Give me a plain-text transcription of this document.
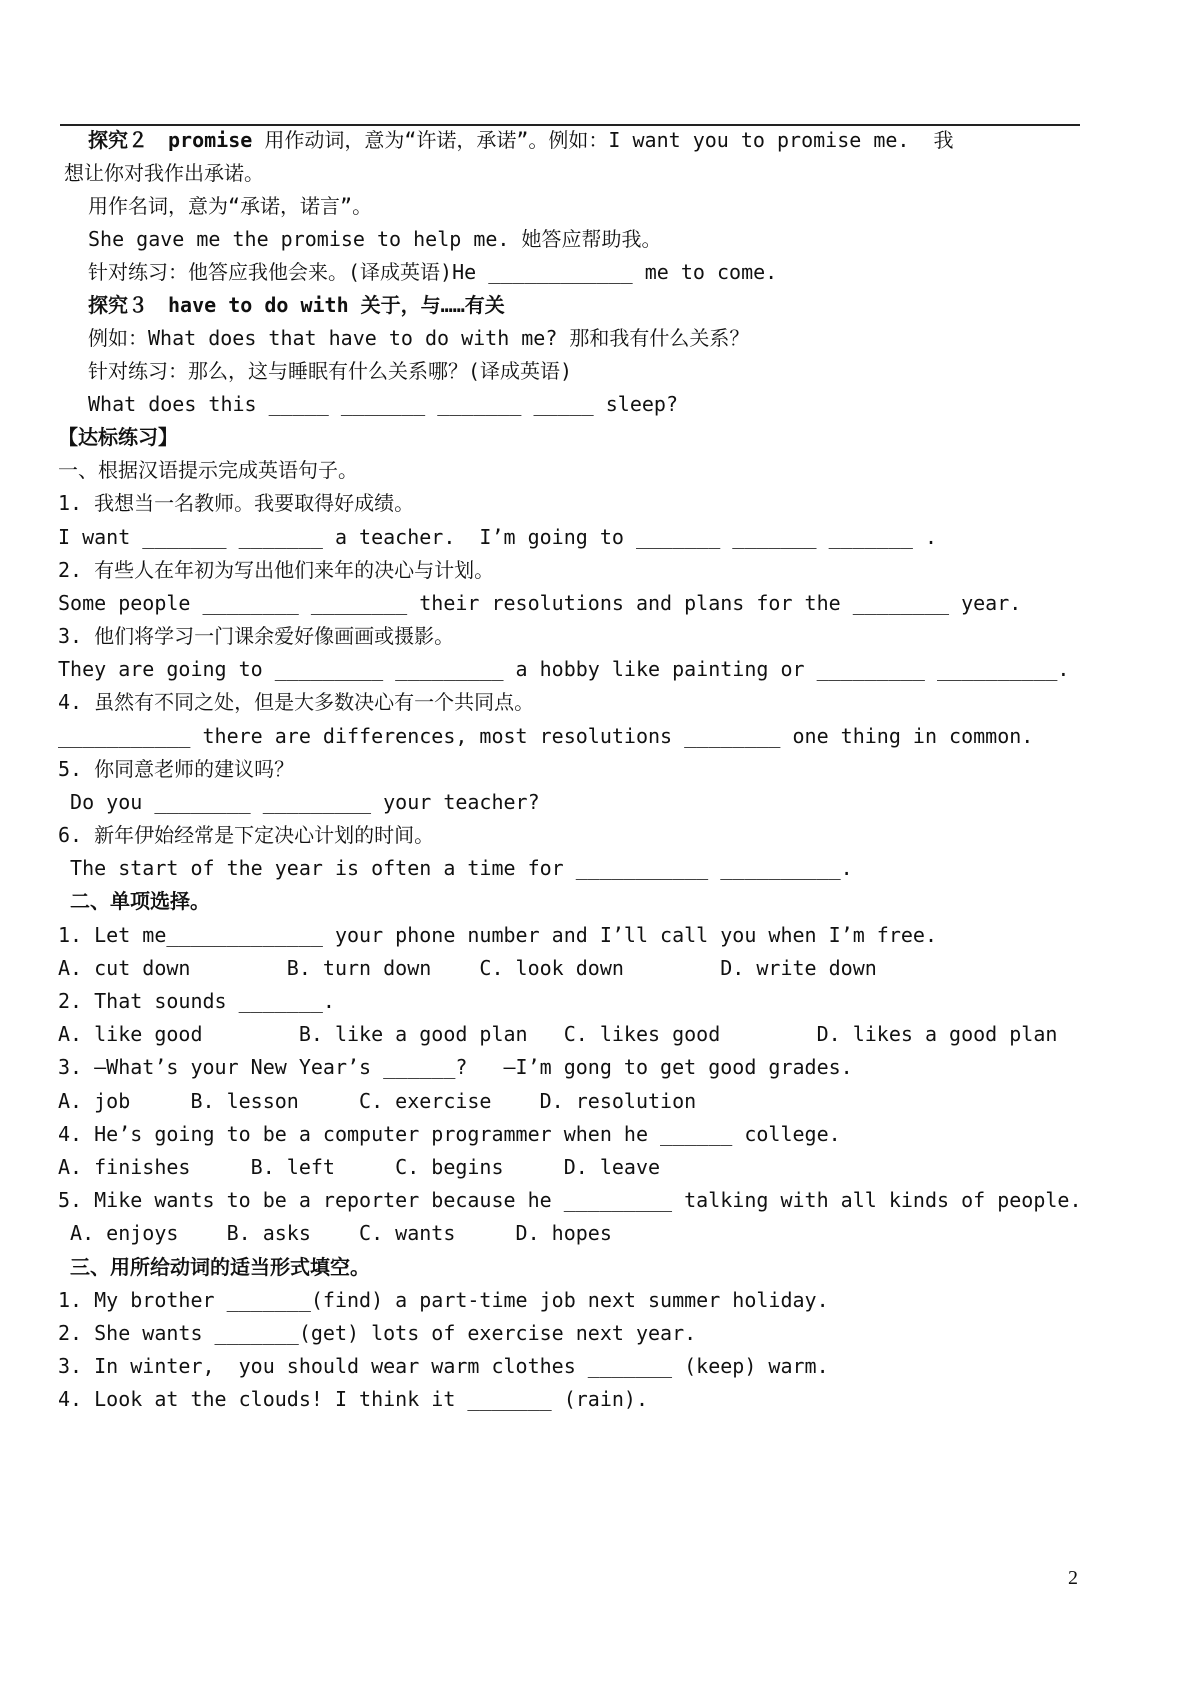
探究２　promise 用作动词，意为“许诺，承诺”。例如：I want you to promise me.  我
想让你对我作出承诺。
用作名词，意为“承诺，诺言”。
She gave me the promise to help me. 她答应帮助我。
针对练习：他答应我他会来。(译成英语)He ____________ me to come.
探究３　have to do with 关于，与……有关
例如：What does that have to do with me? 那和我有什么关系？
针对练习：那么，这与睡眠有什么关系哪？(译成英语)
What does this _____ _______ _______ _____ sleep?
【达标练习】
一、根据汉语提示完成英语句子。
1. 我想当一名教师。我要取得好成绩。
I want _______ _______ a teacher.  I’m going to _______ _______ _______ .
2. 有些人在年初为写出他们来年的决心与计划。
Some people ________ ________ their resolutions and plans for the ________ year.
3. 他们将学习一门课余爱好像画画或摄影。
They are going to _________ _________ a hobby like painting or _________ __________.
4. 虽然有不同之处，但是大多数决心有一个共同点。
___________ there are differences, most resolutions ________ one thing in common.
5. 你同意老师的建议吗？
Do you ________ _________ your teacher?
6. 新年伊始经常是下定决心计划的时间。
The start of the year is often a time for ___________ __________.
二、单项选择。
1. Let me_____________ your phone number and I’ll call you when I’m free.
A. cut down        B. turn down    C. look down        D. write down
2. That sounds _______.
A. like good        B. like a good plan   C. likes good        D. likes a good plan
3. —What’s your New Year’s ______?   —I’m gong to get good grades.
A. job     B. lesson     C. exercise    D. resolution
4. He’s going to be a computer programmer when he ______ college.
A. finishes     B. left     C. begins     D. leave
5. Mike wants to be a reporter because he _________ talking with all kinds of people.
A. enjoys    B. asks    C. wants     D. hopes
三、用所给动词的适当形式填空。
1. My brother _______(find) a part-time job next summer holiday.
2. She wants _______(get) lots of exercise next year.
3. In winter,  you should wear warm clothes _______ (keep) warm.
4. Look at the clouds! I think it _______ (rain).
2
